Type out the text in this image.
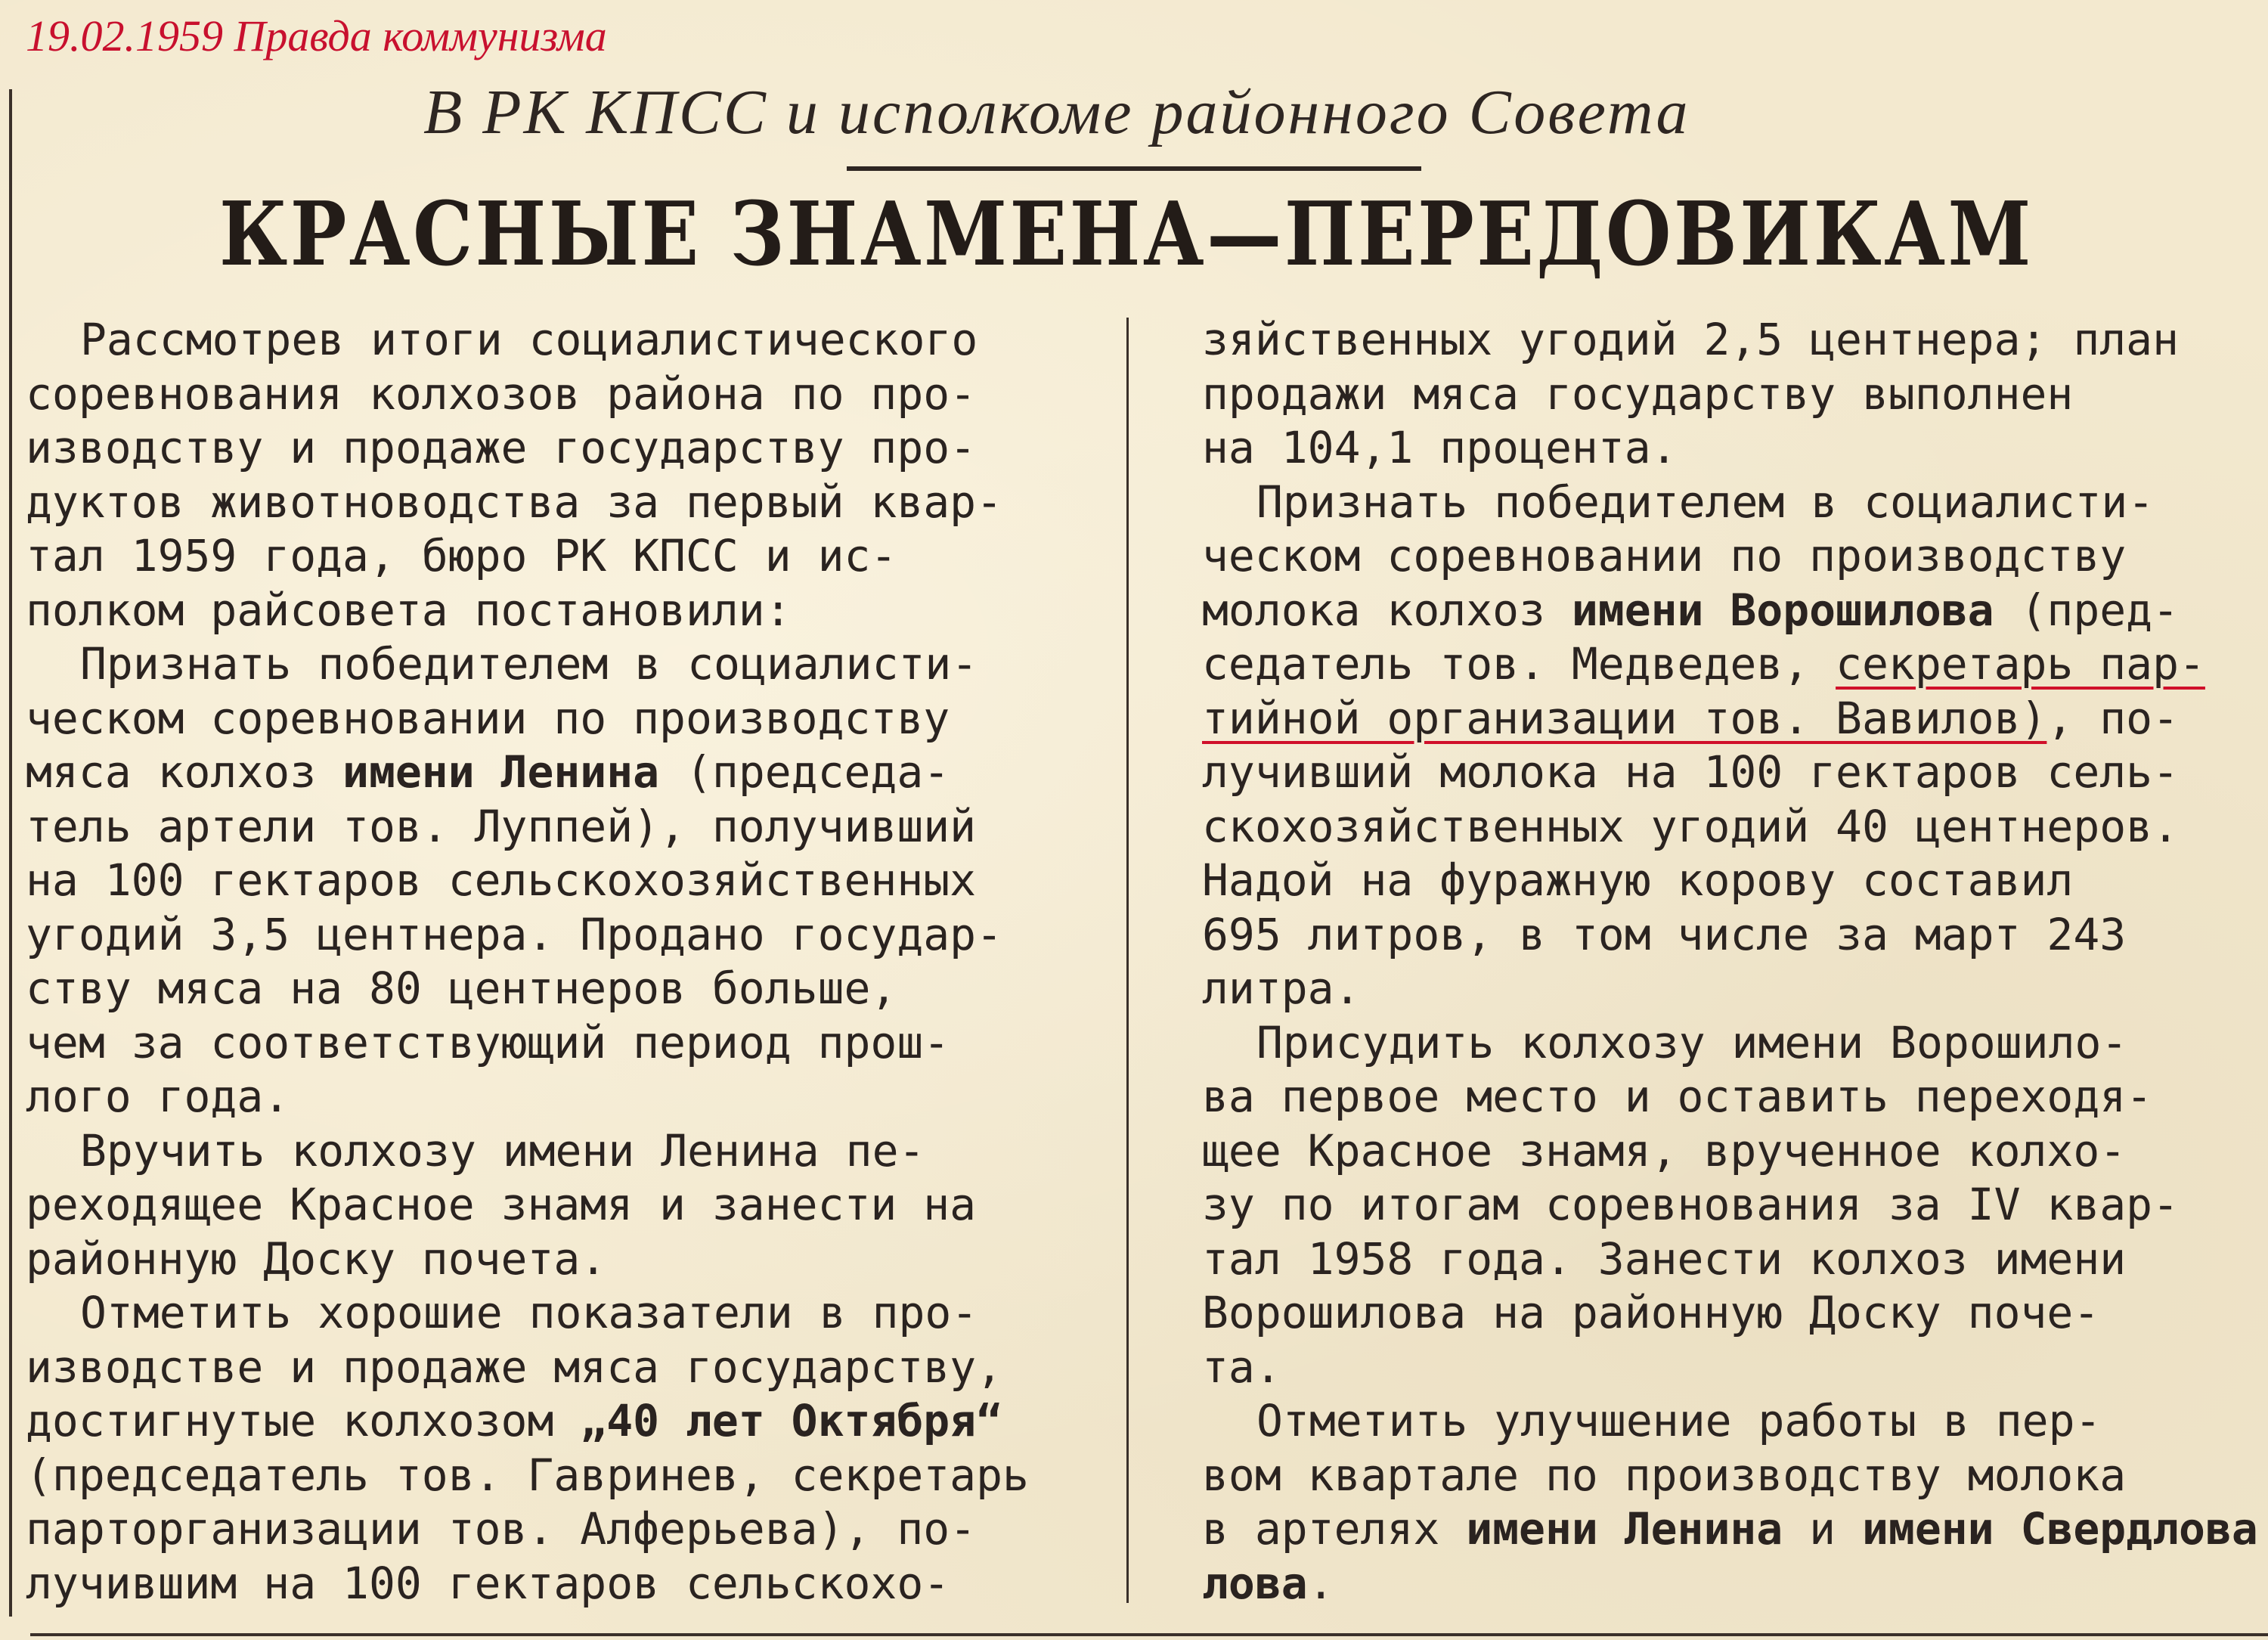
19.02.1959 Правда коммунизма
В РК КПСС и исполкоме районного Совета
КРАСНЫЕ ЗНАМЕНА—ПЕРЕДОВИКАМ
Рассмотрев итоги социалистического
соревнования колхозов района по про-
изводству и продаже государству про-
дуктов животноводства за первый квар-
тал 1959 года, бюро РК КПСС и ис-
полком райсовета постановили:
Признать победителем в социалисти-
ческом соревновании по производству
мяса колхоз имени Ленина (председа-
тель артели тов. Луппей), получивший
на 100 гектаров сельскохозяйственных
угодий 3,5 центнера. Продано государ-
ству мяса на 80 центнеров больше,
чем за соответствующий период прош-
лого года.
Вручить колхозу имени Ленина пе-
реходящее Красное знамя и занести на
районную Доску почета.
Отметить хорошие показатели в про-
изводстве и продаже мяса государству,
достигнутые колхозом „40 лет Октября“
(председатель тов. Гавринев, секретарь
парторганизации тов. Алферьева), по-
лучившим на 100 гектаров сельскохо-
зяйственных угодий 2,5 центнера; план
продажи мяса государству выполнен
на 104,1 процента.
Признать победителем в социалисти-
ческом соревновании по производству
молока колхоз имени Ворошилова (пред-
седатель тов. Медведев, секретарь пар-
тийной организации тов. Вавилов), по-
лучивший молока на 100 гектаров сель-
скохозяйственных угодий 40 центнеров.
Надой на фуражную корову составил
695 литров, в том числе за март 243
литра.
Присудить колхозу имени Ворошило-
ва первое место и оставить переходя-
щее Красное знамя, врученное колхо-
зу по итогам соревнования за IV квар-
тал 1958 года. Занести колхоз имени
Ворошилова на районную Доску поче-
та.
Отметить улучшение работы в пер-
вом квартале по производству молока
в артелях имени Ленина и имени Свердлова
лова.
